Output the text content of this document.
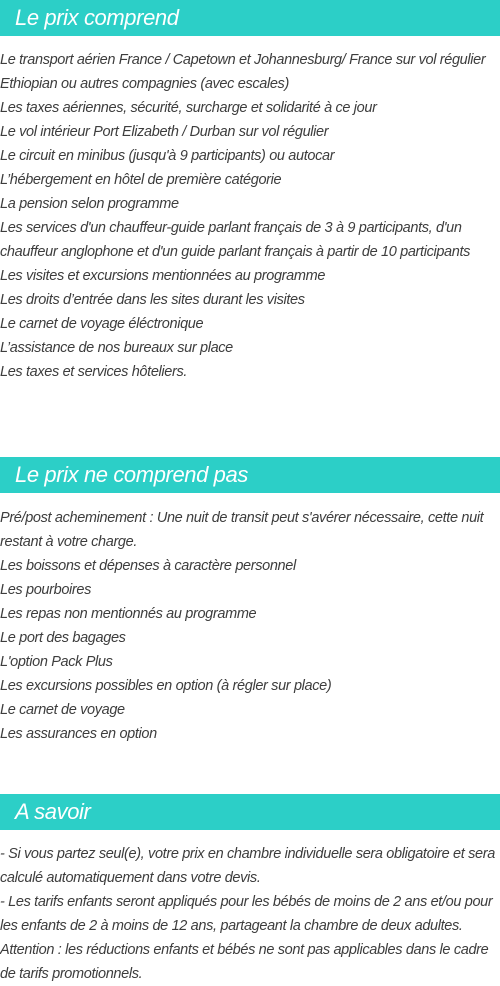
Le prix comprend
Le transport aérien France / Capetown et Johannesburg/ France sur vol régulier Ethiopian ou autres compagnies (avec escales)
Les taxes aériennes, sécurité, surcharge et solidarité à ce jour
Le vol intérieur Port Elizabeth / Durban sur vol régulier
Le circuit en minibus (jusqu'à 9 participants) ou autocar
L’hébergement en hôtel de première catégorie
La pension selon programme
Les services d'un chauffeur-guide parlant français de 3 à 9 participants, d'un chauffeur anglophone et d'un guide parlant français à partir de 10 participants
Les visites et excursions mentionnées au programme
Les droits d’entrée dans les sites durant les visites
Le carnet de voyage éléctronique
L’assistance de nos bureaux sur place
Les taxes et services hôteliers.
Le prix ne comprend pas
Pré/post acheminement : Une nuit de transit peut s'avérer nécessaire, cette nuit restant à votre charge.
Les boissons et dépenses à caractère personnel
Les pourboires
Les repas non mentionnés au programme
Le port des bagages
L'option Pack Plus
Les excursions possibles en option (à régler sur place)
Le carnet de voyage
Les assurances en option
A savoir
- Si vous partez seul(e), votre prix en chambre individuelle sera obligatoire et sera calculé automatiquement dans votre devis.
- Les tarifs enfants seront appliqués pour les bébés de moins de 2 ans et/ou pour les enfants de 2 à moins de 12 ans, partageant la chambre de deux adultes.
Attention : les réductions enfants et bébés ne sont pas applicables dans le cadre de tarifs promotionnels.
